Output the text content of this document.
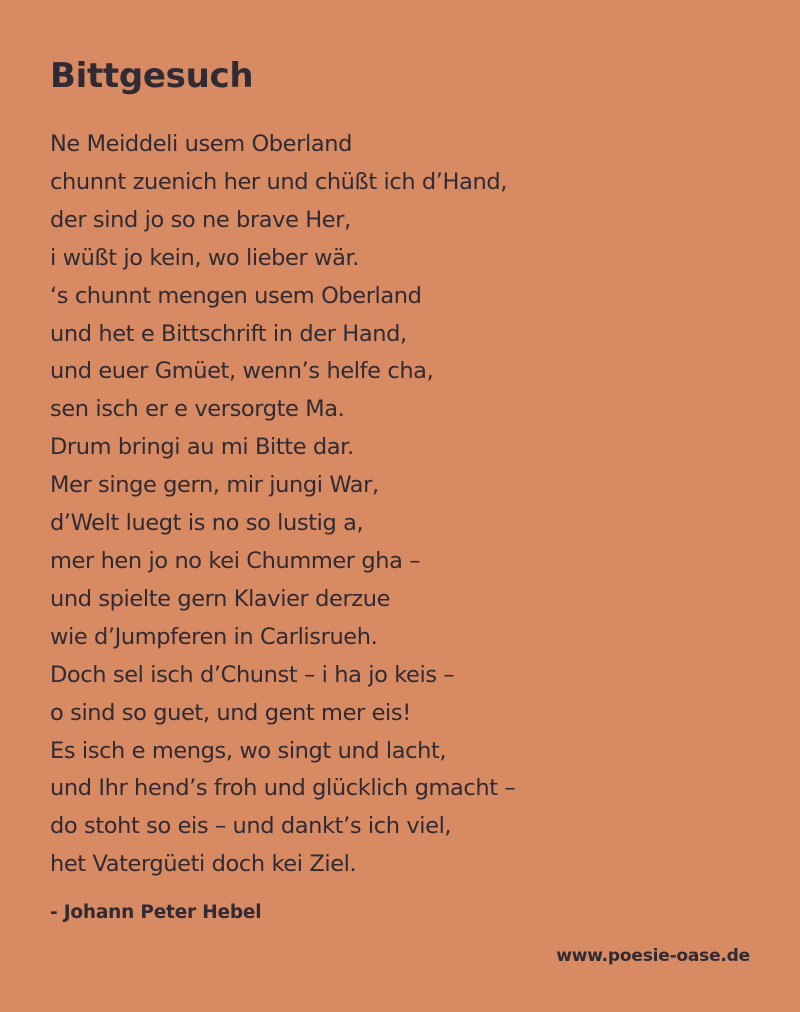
Bittgesuch
Ne Meiddeli usem Oberland
chunnt zuenich her und chüßt ich d’Hand,
der sind jo so ne brave Her,
i wüßt jo kein, wo lieber wär.
‘s chunnt mengen usem Oberland
und het e Bittschrift in der Hand,
und euer Gmüet, wenn’s helfe cha,
sen isch er e versorgte Ma.
Drum bringi au mi Bitte dar.
Mer singe gern, mir jungi War,
d’Welt luegt is no so lustig a,
mer hen jo no kei Chummer gha –
und spielte gern Klavier derzue
wie d’Jumpferen in Carlisrueh.
Doch sel isch d’Chunst – i ha jo keis –
o sind so guet, und gent mer eis!
Es isch e mengs, wo singt und lacht,
und Ihr hend’s froh und glücklich gmacht –
do stoht so eis – und dankt’s ich viel,
het Vatergüeti doch kei Ziel.
- Johann Peter Hebel
www.poesie-oase.de
